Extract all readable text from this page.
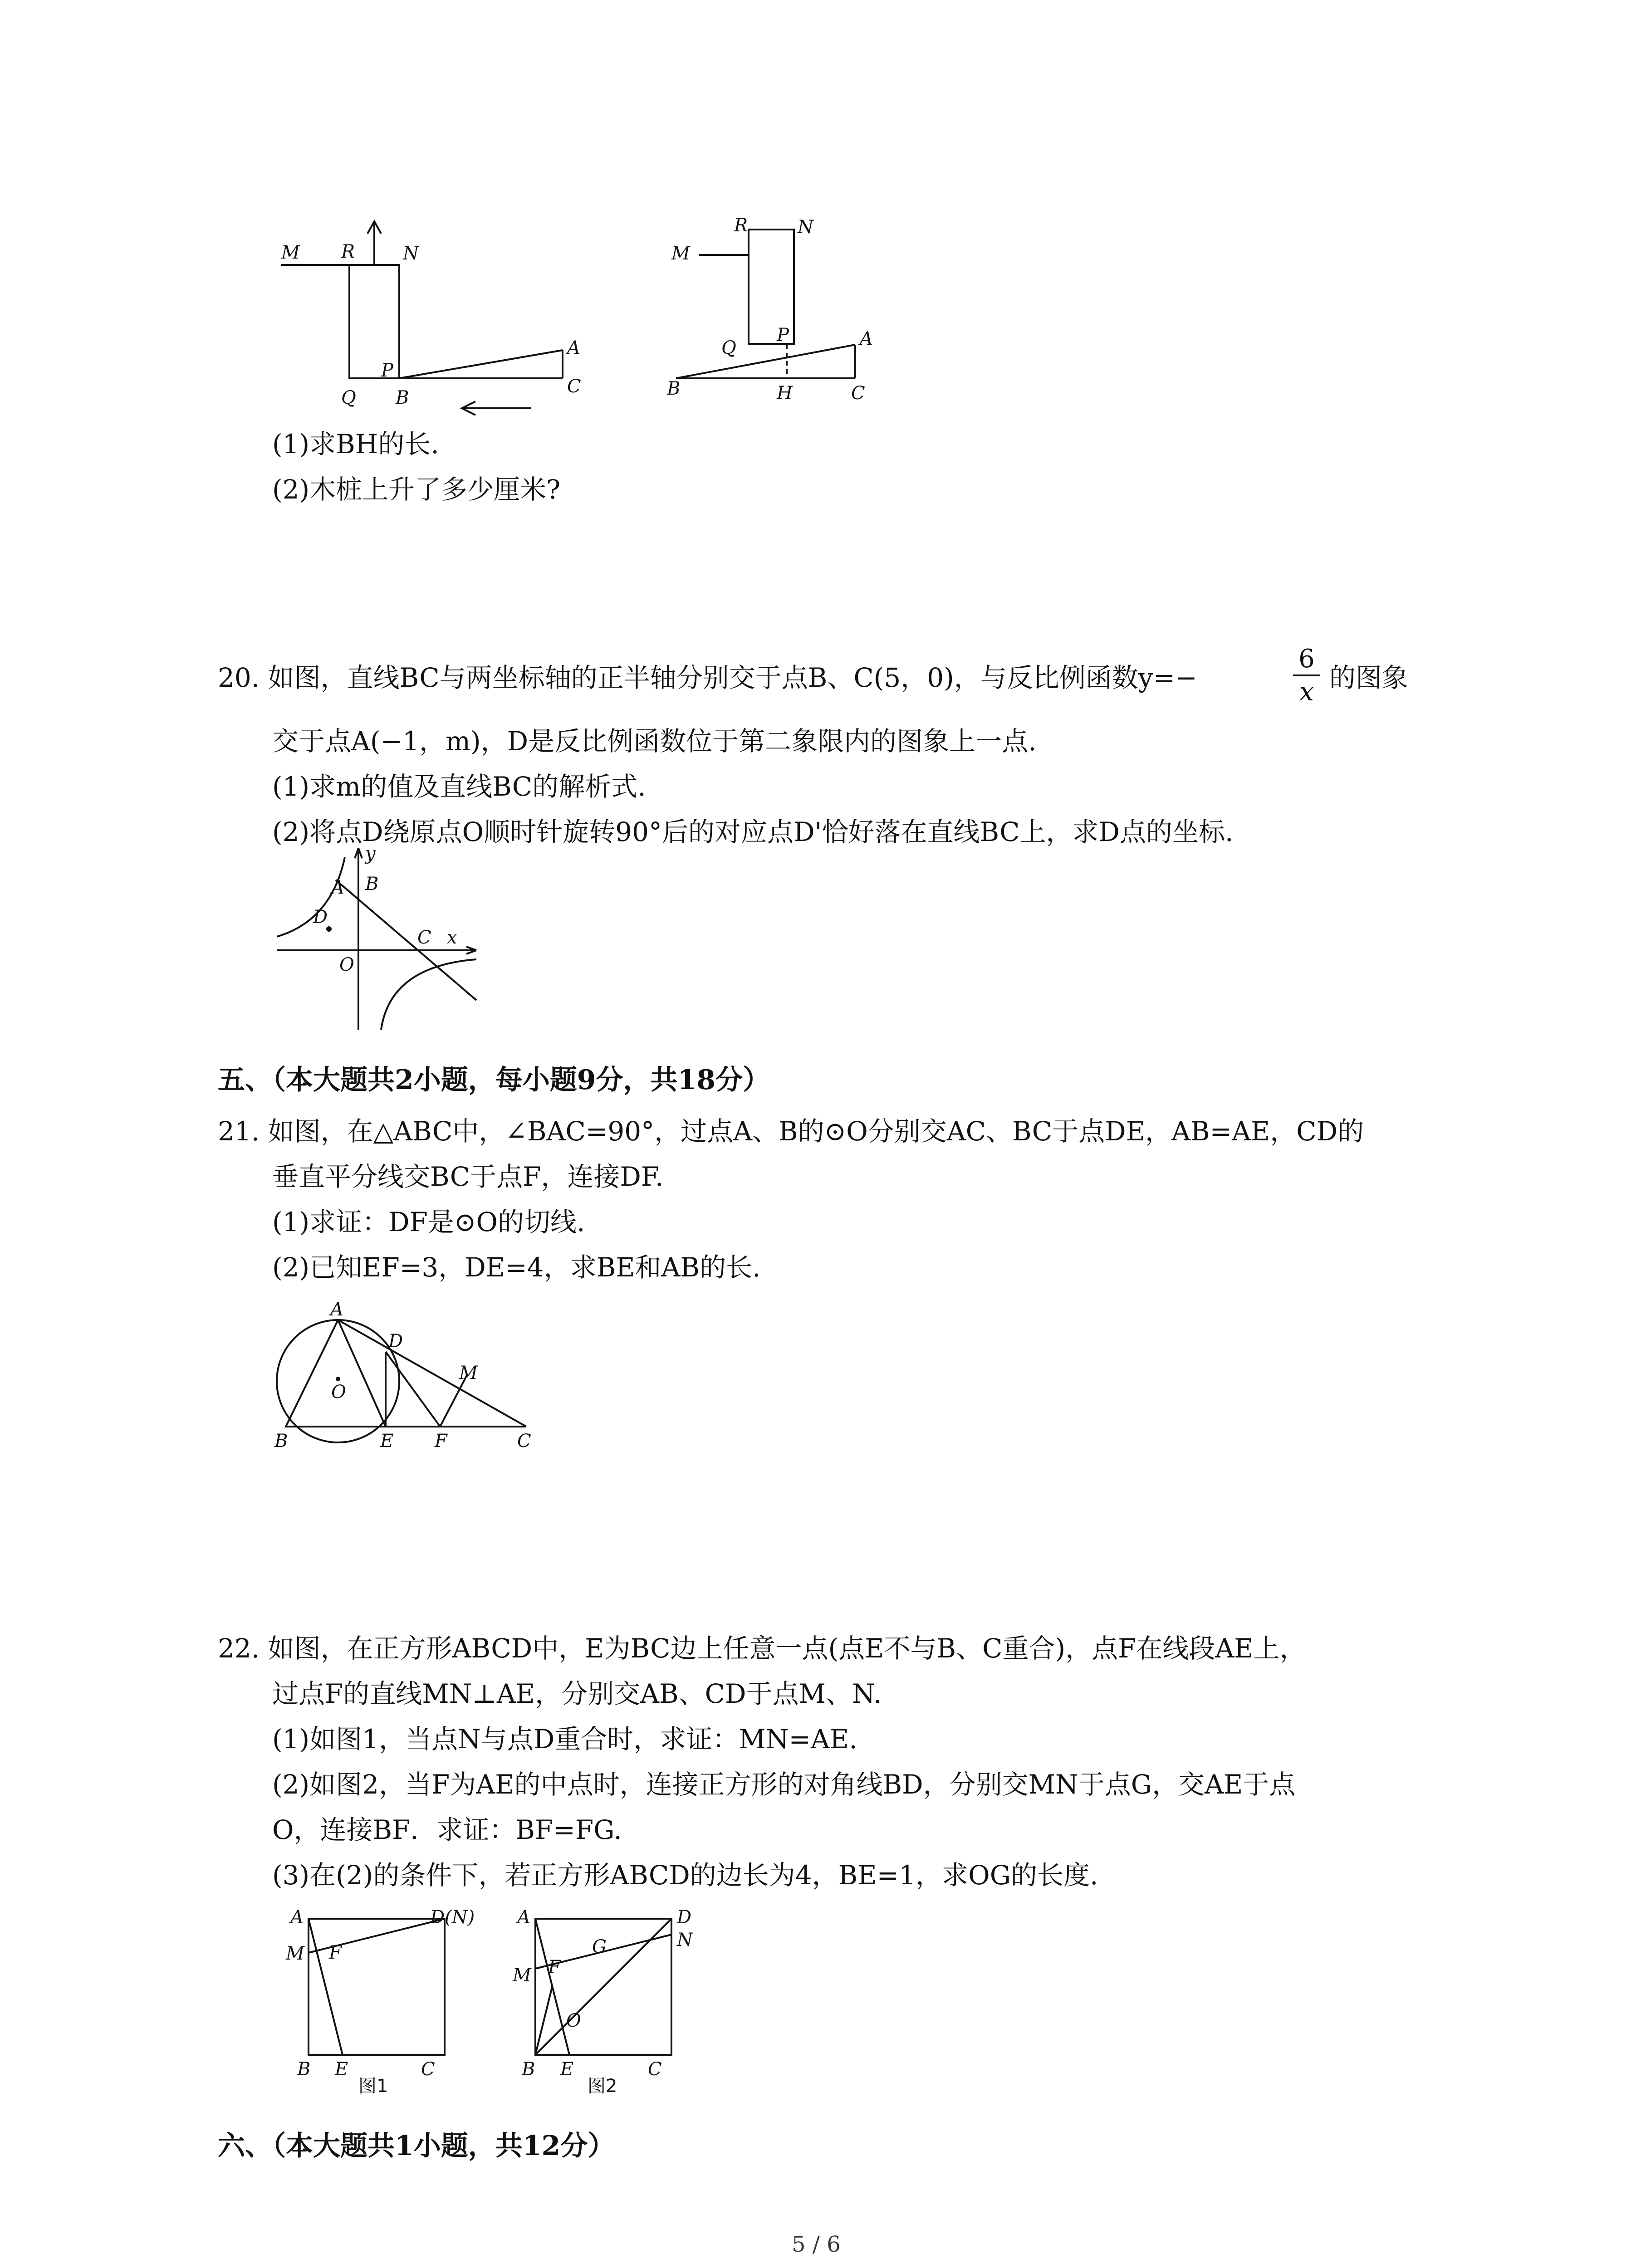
M R	N
P
Q B
A
C
M
R	N
P
Q
B	H
A
C
(1)求BH的长.
(2)木桩上升了多少厘米?
20. 如图，直线BC与两坐标轴的正半轴分别交于点B、C(5，0)，与反比例函数y=−
6
x 的图象
交于点A(−1，m)，D是反比例函数位于第二象限内的图象上一点.
(1)求m的值及直线BC的解析式.
(2)将点D绕原点O顺时针旋转90°后的对应点D'恰好落在直线BC上，求D点的坐标.
y
A B
D
C x
O
五、（本大题共2小题，每小题9分，共18分）
21. 如图，在△ABC中，∠BAC=90°，过点A、B的⊙O分别交AC、BC于点DE，AB=AE，CD的
垂直平分线交BC于点F，连接DF.
(1)求证：DF是⊙O的切线.
(2)已知EF=3，DE=4，求BE和AB的长.
A
D
M
O
B	E F	C
22. 如图，在正方形ABCD中，E为BC边上任意一点(点E不与B、C重合)，点F在线段AE上，
过点F的直线MN⊥AE，分别交AB、CD于点M、N.
(1)如图1，当点N与点D重合时，求证：MN=AE.
(2)如图2，当F为AE的中点时，连接正方形的对角线BD，分别交MN于点G，交AE于点
O，连接BF．求证：BF=FG.
(3)在(2)的条件下，若正方形ABCD的边长为4，BE=1，求OG的长度.
A	D(N)
M F
B E	C
图1
A	D
N
G
F
M
O
B E	C
图2
六、（本大题共1小题，共12分）
5 / 6
